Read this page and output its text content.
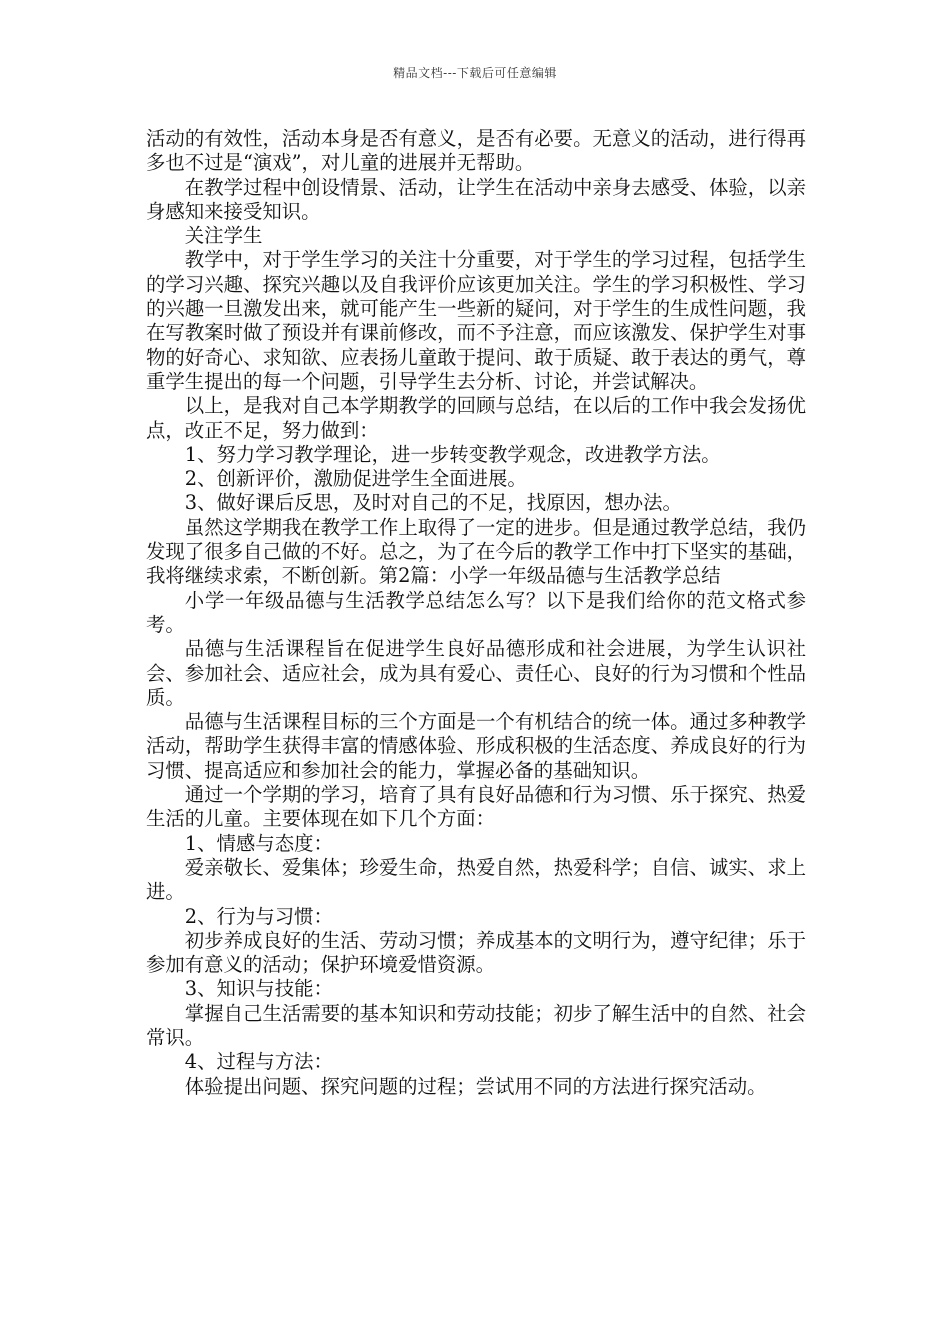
精品文档---下载后可任意编辑

活动的有效性，活动本身是否有意义，是否有必要。无意义的活动，进行得再多也不过是“演戏”，对儿童的进展并无帮助。

在教学过程中创设情景、活动，让学生在活动中亲身去感受、体验，以亲身感知来接受知识。

关注学生

教学中，对于学生学习的关注十分重要，对于学生的学习过程，包括学生的学习兴趣、探究兴趣以及自我评价应该更加关注。学生的学习积极性、学习的兴趣一旦激发出来，就可能产生一些新的疑问，对于学生的生成性问题，我在写教案时做了预设并有课前修改，而不予注意，而应该激发、保护学生对事物的好奇心、求知欲、应表扬儿童敢于提问、敢于质疑、敢于表达的勇气，尊重学生提出的每一个问题，引导学生去分析、讨论，并尝试解决。

以上，是我对自己本学期教学的回顾与总结，在以后的工作中我会发扬优点，改正不足，努力做到：

1、努力学习教学理论，进一步转变教学观念，改进教学方法。

2、创新评价，激励促进学生全面进展。

3、做好课后反思，及时对自己的不足，找原因，想办法。

虽然这学期我在教学工作上取得了一定的进步。但是通过教学总结，我仍发现了很多自己做的不好。总之，为了在今后的教学工作中打下坚实的基础，我将继续求索，不断创新。第2篇：小学一年级品德与生活教学总结

小学一年级品德与生活教学总结怎么写？以下是我们给你的范文格式参考。

品德与生活课程旨在促进学生良好品德形成和社会进展，为学生认识社会、参加社会、适应社会，成为具有爱心、责任心、良好的行为习惯和个性品质。

品德与生活课程目标的三个方面是一个有机结合的统一体。通过多种教学活动，帮助学生获得丰富的情感体验、形成积极的生活态度、养成良好的行为习惯、提高适应和参加社会的能力，掌握必备的基础知识。

通过一个学期的学习，培育了具有良好品德和行为习惯、乐于探究、热爱生活的儿童。主要体现在如下几个方面：

1、情感与态度：

爱亲敬长、爱集体；珍爱生命，热爱自然，热爱科学；自信、诚实、求上进。

2、行为与习惯：

初步养成良好的生活、劳动习惯；养成基本的文明行为，遵守纪律；乐于参加有意义的活动；保护环境爱惜资源。

3、知识与技能：

掌握自己生活需要的基本知识和劳动技能；初步了解生活中的自然、社会常识。

4、过程与方法：

体验提出问题、探究问题的过程；尝试用不同的方法进行探究活动。
